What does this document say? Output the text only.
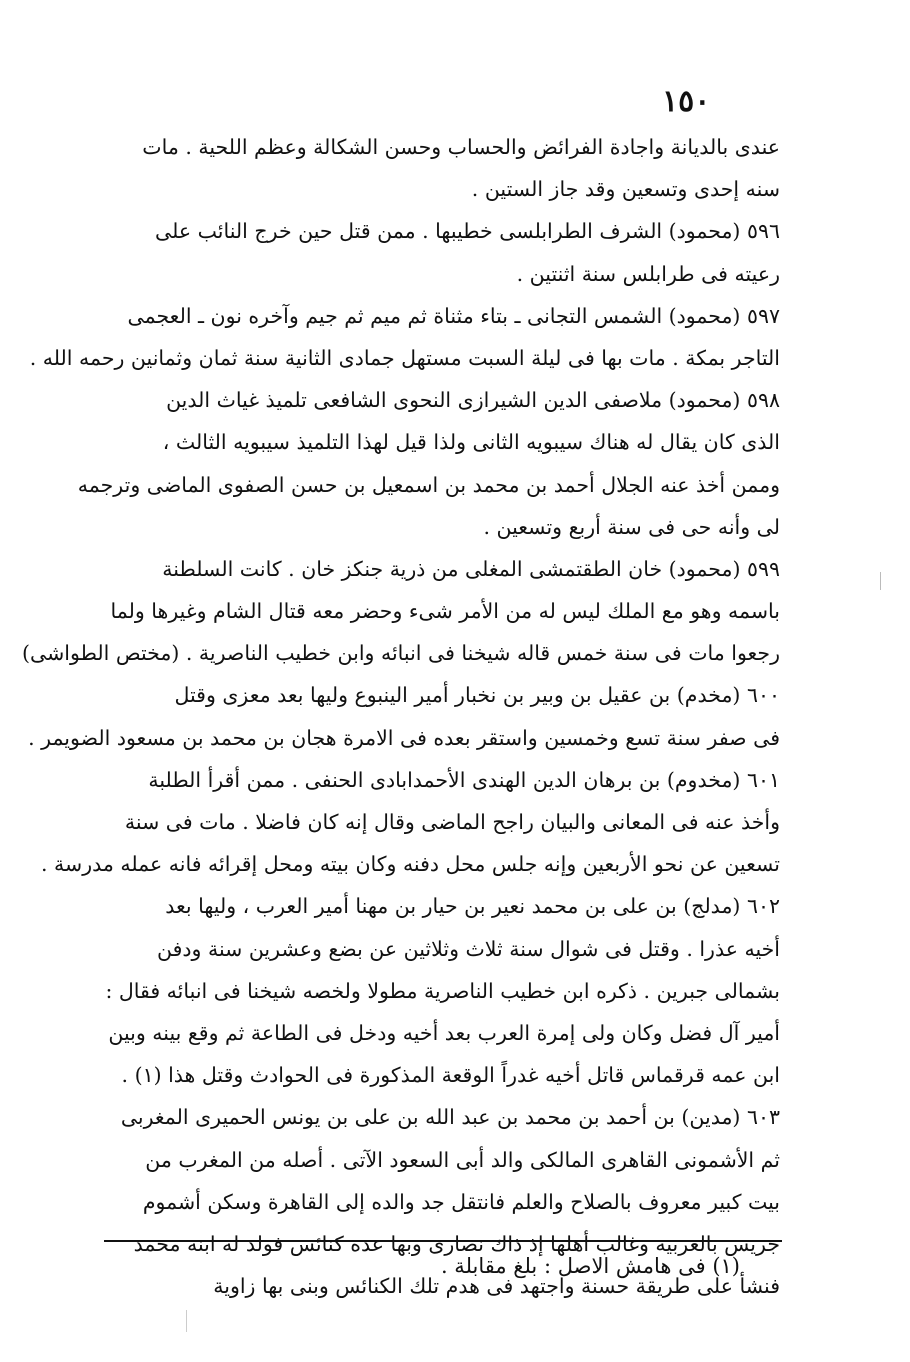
١٥٠
عندى بالديانة واجادة الفرائض والحساب وحسن الشكالة وعظم اللحية . مات
سنه إحدى وتسعين وقد جاز الستين .
٥٩٦ (محمود) الشرف الطرابلسى خطيبها . ممن قتل حين خرج النائب على
رعيته فى طرابلس سنة اثنتين .
٥٩٧ (محمود) الشمس التجانى ـ بتاء مثناة ثم ميم ثم جيم وآخره نون ـ العجمى
التاجر بمكة . مات بها فى ليلة السبت مستهل جمادى الثانية سنة ثمان وثمانين رحمه الله .
٥٩٨ (محمود) ملاصفى الدين الشيرازى النحوى الشافعى تلميذ غياث الدين
الذى كان يقال له هناك سيبويه الثانى ولذا قيل لهذا التلميذ سيبويه الثالث ،
وممن أخذ عنه الجلال أحمد بن محمد بن اسمعيل بن حسن الصفوى الماضى وترجمه
لى وأنه حى فى سنة أربع وتسعين .
٥٩٩ (محمود) خان الطقتمشى المغلى من ذرية جنكز خان . كانت السلطنة
باسمه وهو مع الملك ليس له من الأمر شىء وحضر معه قتال الشام وغيرها ولما
رجعوا مات فى سنة خمس قاله شيخنا فى انبائه وابن خطيب الناصرية . (مختص الطواشى)
٦٠٠ (مخدم) بن عقيل بن وبير بن نخبار أمير الينبوع وليها بعد معزى وقتل
فى صفر سنة تسع وخمسين واستقر بعده فى الامرة هجان بن محمد بن مسعود الضويمر .
٦٠١ (مخدوم) بن برهان الدين الهندى الأحمدابادى الحنفى . ممن أقرأ الطلبة
وأخذ عنه فى المعانى والبيان راجح الماضى وقال إنه كان فاضلا . مات فى سنة
تسعين عن نحو الأربعين وإنه جلس محل دفنه وكان بيته ومحل إقرائه فانه عمله مدرسة .
٦٠٢ (مدلج) بن على بن محمد نعير بن حيار بن مهنا أمير العرب ، وليها بعد
أخيه عذرا . وقتل فى شوال سنة ثلاث وثلاثين عن بضع وعشرين سنة ودفن
بشمالى جبرين . ذكره ابن خطيب الناصرية مطولا ولخصه شيخنا فى انبائه فقال :
أمير آل فضل وكان ولى إمرة العرب بعد أخيه ودخل فى الطاعة ثم وقع بينه وبين
ابن عمه قرقماس قاتل أخيه غدراً الوقعة المذكورة فى الحوادث وقتل هذا (١) .
٦٠٣ (مدين) بن أحمد بن محمد بن عبد الله بن على بن يونس الحميرى المغربى
ثم الأشمونى القاهرى المالكى والد أبى السعود الآتى . أصله من المغرب من
بيت كبير معروف بالصلاح والعلم فانتقل جد والده إلى القاهرة وسكن أشموم
جريس بالغربية وغالب أهلها إذ ذاك نصارى وبها عدة كنائس فولد له ابنه محمد
فنشأ على طريقة حسنة واجتهد فى هدم تلك الكنائس وبنى بها زاوية
(١) فى هامش الاصل : بلغ مقابلة .
